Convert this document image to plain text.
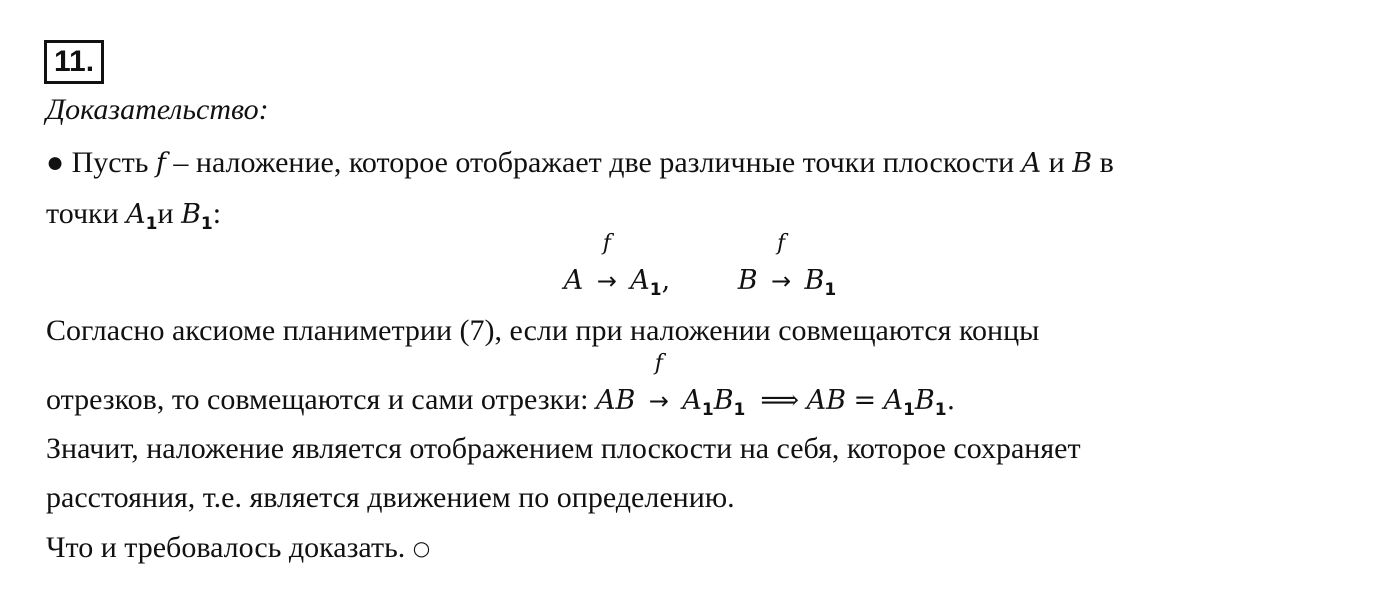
11.
Доказательство:
● Пусть f – наложение, которое отображает две различные точки плоскости A и B в
точки $A_1и$ $B_1$:
A
f
→ $A_1$,	B
f
→ $B_1$
Согласно аксиоме планиметрии (7), если при наложении совмещаются концы
отрезков, то совмещаются и сами отрезки: AB
f
→ $A_1B_1$ ⟹ AB = $A_1B_1$.
Значит, наложение является отображением плоскости на себя, которое сохраняет
расстояния, т.е. является движением по определению.
Что и требовалось доказать. ○
